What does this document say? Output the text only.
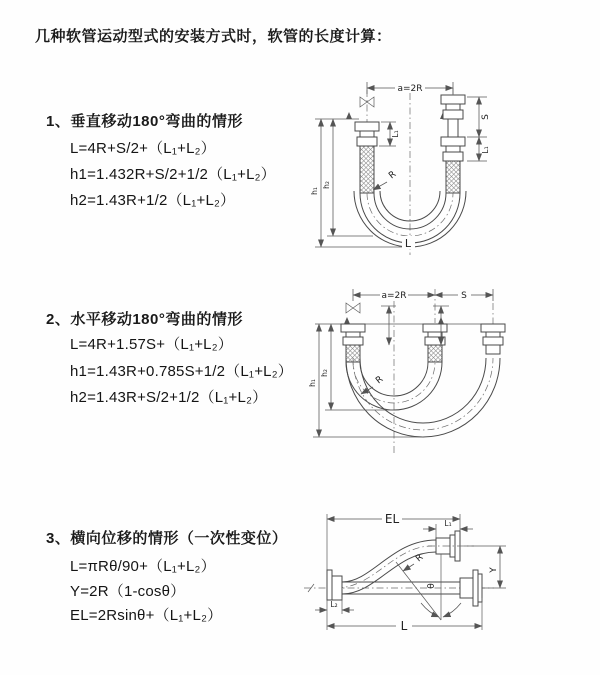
几种软管运动型式的安装方式时，软管的长度计算：
1、垂直移动180°弯曲的情形
L=4R+S/2+（L₁+L₂）
h1=1.432R+S/2+1/2（L₁+L₂）
h2=1.43R+1/2（L₁+L₂）
a=2R
h₁
h₂
L₁
S
L₁
R
L
2、水平移动180°弯曲的情形
L=4R+1.57S+（L₁+L₂）
h1=1.43R+0.785S+1/2（L₁+L₂）
h2=1.43R+S/2+1/2（L₁+L₂）
a=2R	S
h₁
h₂
R
3、横向位移的情形（一次性变位）
L=πRθ/90+（L₁+L₂）
Y=2R（1-cosθ）
EL=2Rsinθ+（L₁+L₂）
EL	L₁
Y
R
θ
L
L₂
